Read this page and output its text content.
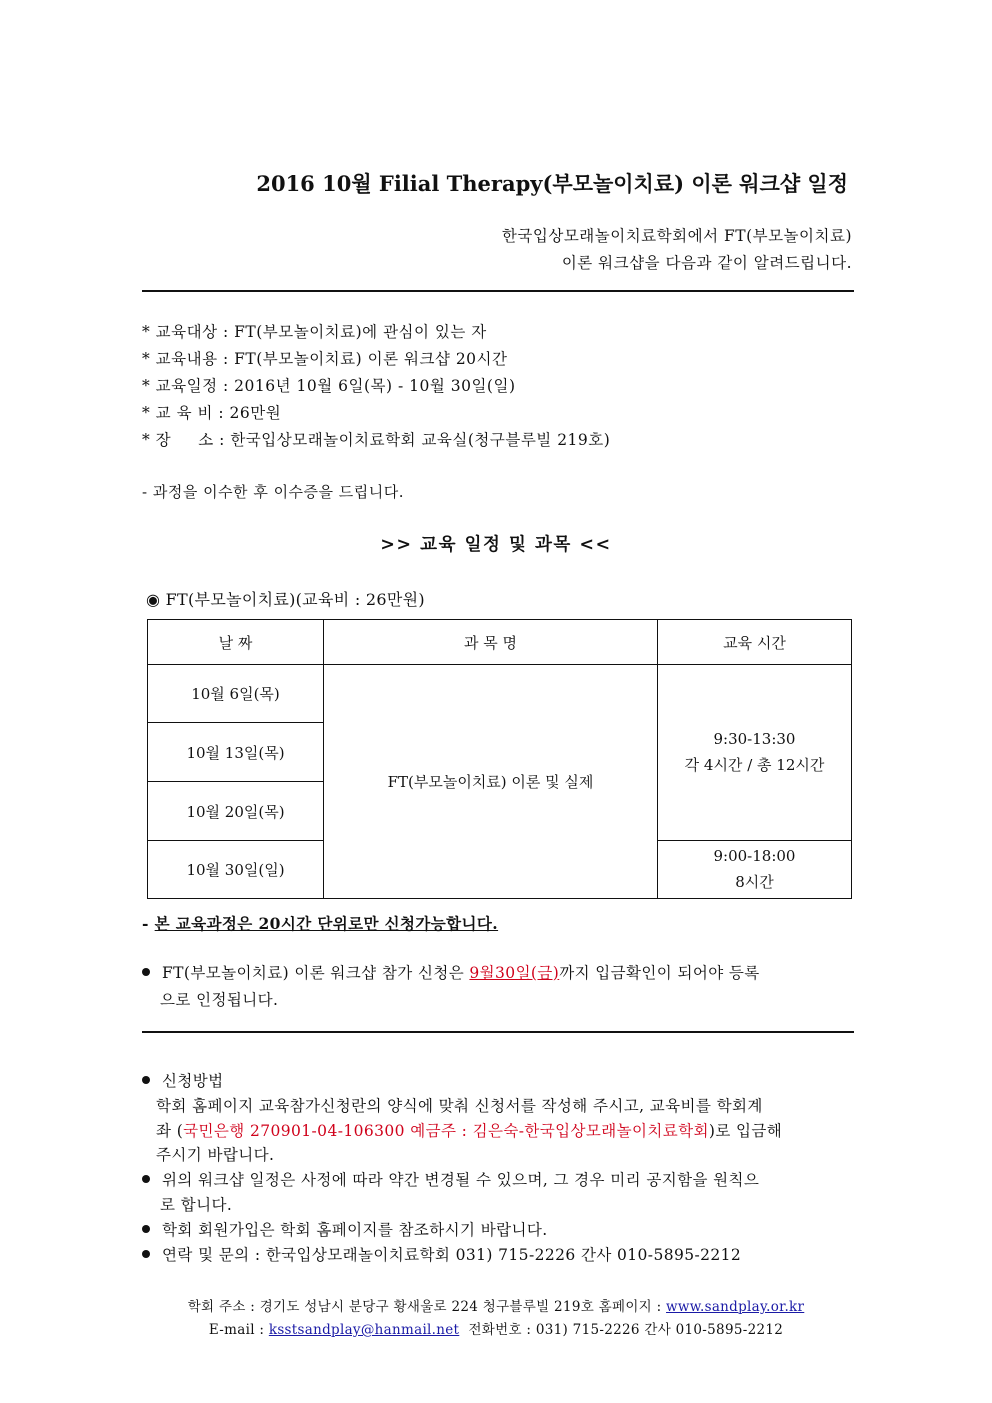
2016 10월 Filial Therapy(부모놀이치료) 이론 워크샵 일정
한국입상모래놀이치료학회에서 FT(부모놀이치료)
이론 워크샵을 다음과 같이 알려드립니다.
* 교육대상 : FT(부모놀이치료)에 관심이 있는 자
* 교육내용 : FT(부모놀이치료) 이론 워크샵 20시간
* 교육일정 : 2016년 10월 6일(목) - 10월 30일(일)
* 교 육 비 : 26만원
* 장     소 : 한국입상모래놀이치료학회 교육실(청구블루빌 219호)
- 과정을 이수한 후 이수증을 드립니다.
>> 교육 일정 및 과목 <<
◉ FT(부모놀이치료)(교육비 : 26만원)
날 짜	과 목 명	교육 시간
10월 6일(목)	FT(부모놀이치료) 이론 및 실제	9:30-13:30
각 4시간 / 총 12시간

10월 13일(목)		
10월 20일(목)		
10월 30일(일)		9:00-18:00
8시간
- 본 교육과정은 20시간 단위로만 신청가능합니다.
FT(부모놀이치료) 이론 워크샵 참가 신청은 9월30일(금)까지 입금확인이 되어야 등록
으로 인정됩니다.
신청방법
학회 홈페이지 교육참가신청란의 양식에 맞춰 신청서를 작성해 주시고, 교육비를 학회계
좌 (국민은행 270901-04-106300 예금주 : 김은숙-한국입상모래놀이치료학회)로 입금해
주시기 바랍니다.
위의 워크샵 일정은 사정에 따라 약간 변경될 수 있으며, 그 경우 미리 공지함을 원칙으
로 합니다.
학회 회원가입은 학회 홈페이지를 참조하시기 바랍니다.
연락 및 문의 : 한국입상모래놀이치료학회 031) 715-2226 간사 010-5895-2212
학회 주소 : 경기도 성남시 분당구 황새울로 224 청구블루빌 219호 홈페이지 : www.sandplay.or.kr
E-mail : ksstsandplay@hanmail.net  전화번호 : 031) 715-2226 간사 010-5895-2212
